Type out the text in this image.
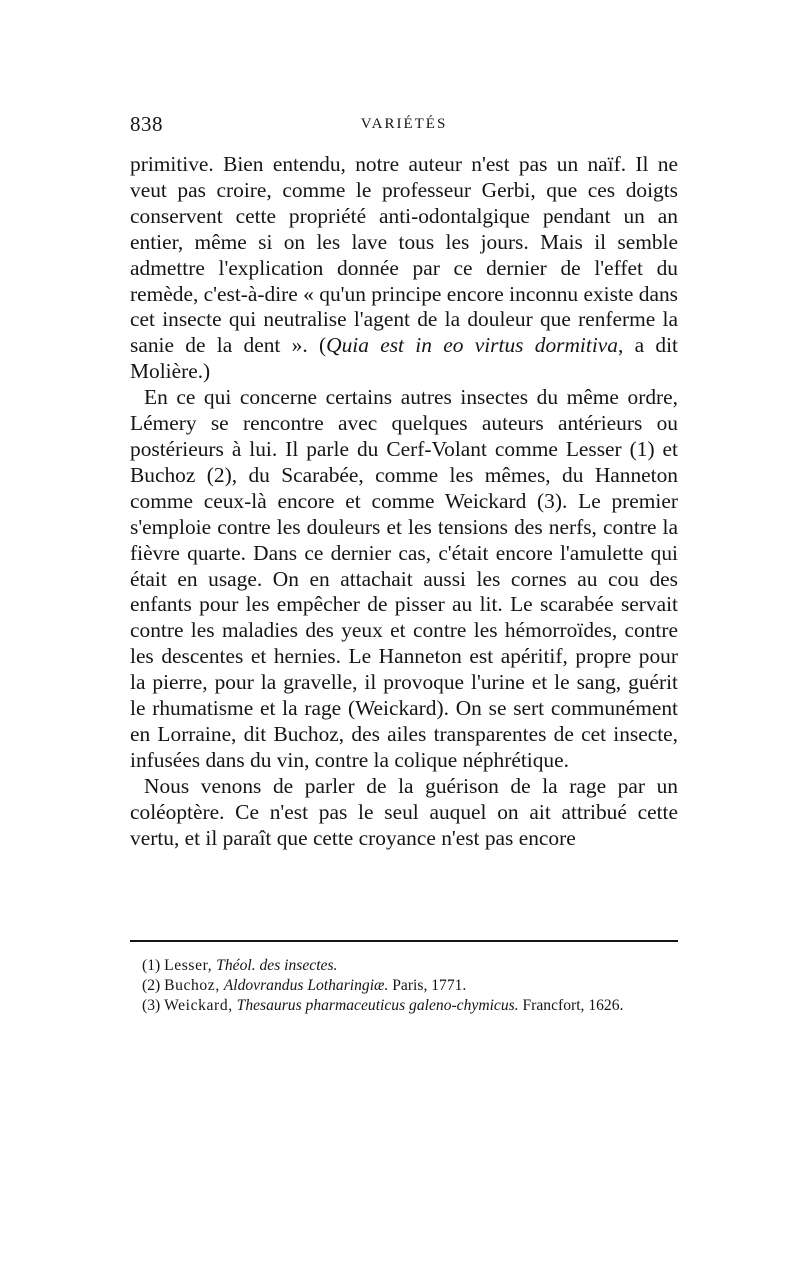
838	VARIÉTÉS

primitive. Bien entendu, notre auteur n'est pas un naïf. Il ne veut pas croire, comme le professeur Gerbi, que ces doigts conservent cette propriété anti-odontalgique pendant un an entier, même si on les lave tous les jours. Mais il semble admettre l'explication donnée par ce dernier de l'effet du remède, c'est-à-dire « qu'un principe encore inconnu existe dans cet insecte qui neutralise l'agent de la douleur que renferme la sanie de la dent ». (Quia est in eo virtus dormitiva, a dit Molière.)

En ce qui concerne certains autres insectes du même ordre, Lémery se rencontre avec quelques auteurs antérieurs ou postérieurs à lui. Il parle du Cerf-Volant comme Lesser (1) et Buchoz (2), du Scarabée, comme les mêmes, du Hanneton comme ceux-là encore et comme Weickard (3). Le premier s'emploie contre les douleurs et les tensions des nerfs, contre la fièvre quarte. Dans ce dernier cas, c'était encore l'amulette qui était en usage. On en attachait aussi les cornes au cou des enfants pour les empêcher de pisser au lit. Le scarabée servait contre les maladies des yeux et contre les hémorroïdes, contre les descentes et hernies. Le Hanneton est apéritif, propre pour la pierre, pour la gravelle, il provoque l'urine et le sang, guérit le rhumatisme et la rage (Weickard). On se sert communément en Lorraine, dit Buchoz, des ailes transparentes de cet insecte, infusées dans du vin, contre la colique néphrétique.

Nous venons de parler de la guérison de la rage par un coléoptère. Ce n'est pas le seul auquel on ait attribué cette vertu, et il paraît que cette croyance n'est pas encore

(1) Lesser, Théol. des insectes.

(2) Buchoz, Aldovrandus Lotharingiæ. Paris, 1771.

(3) Weickard, Thesaurus pharmaceuticus galeno-chymicus. Francfort, 1626.
